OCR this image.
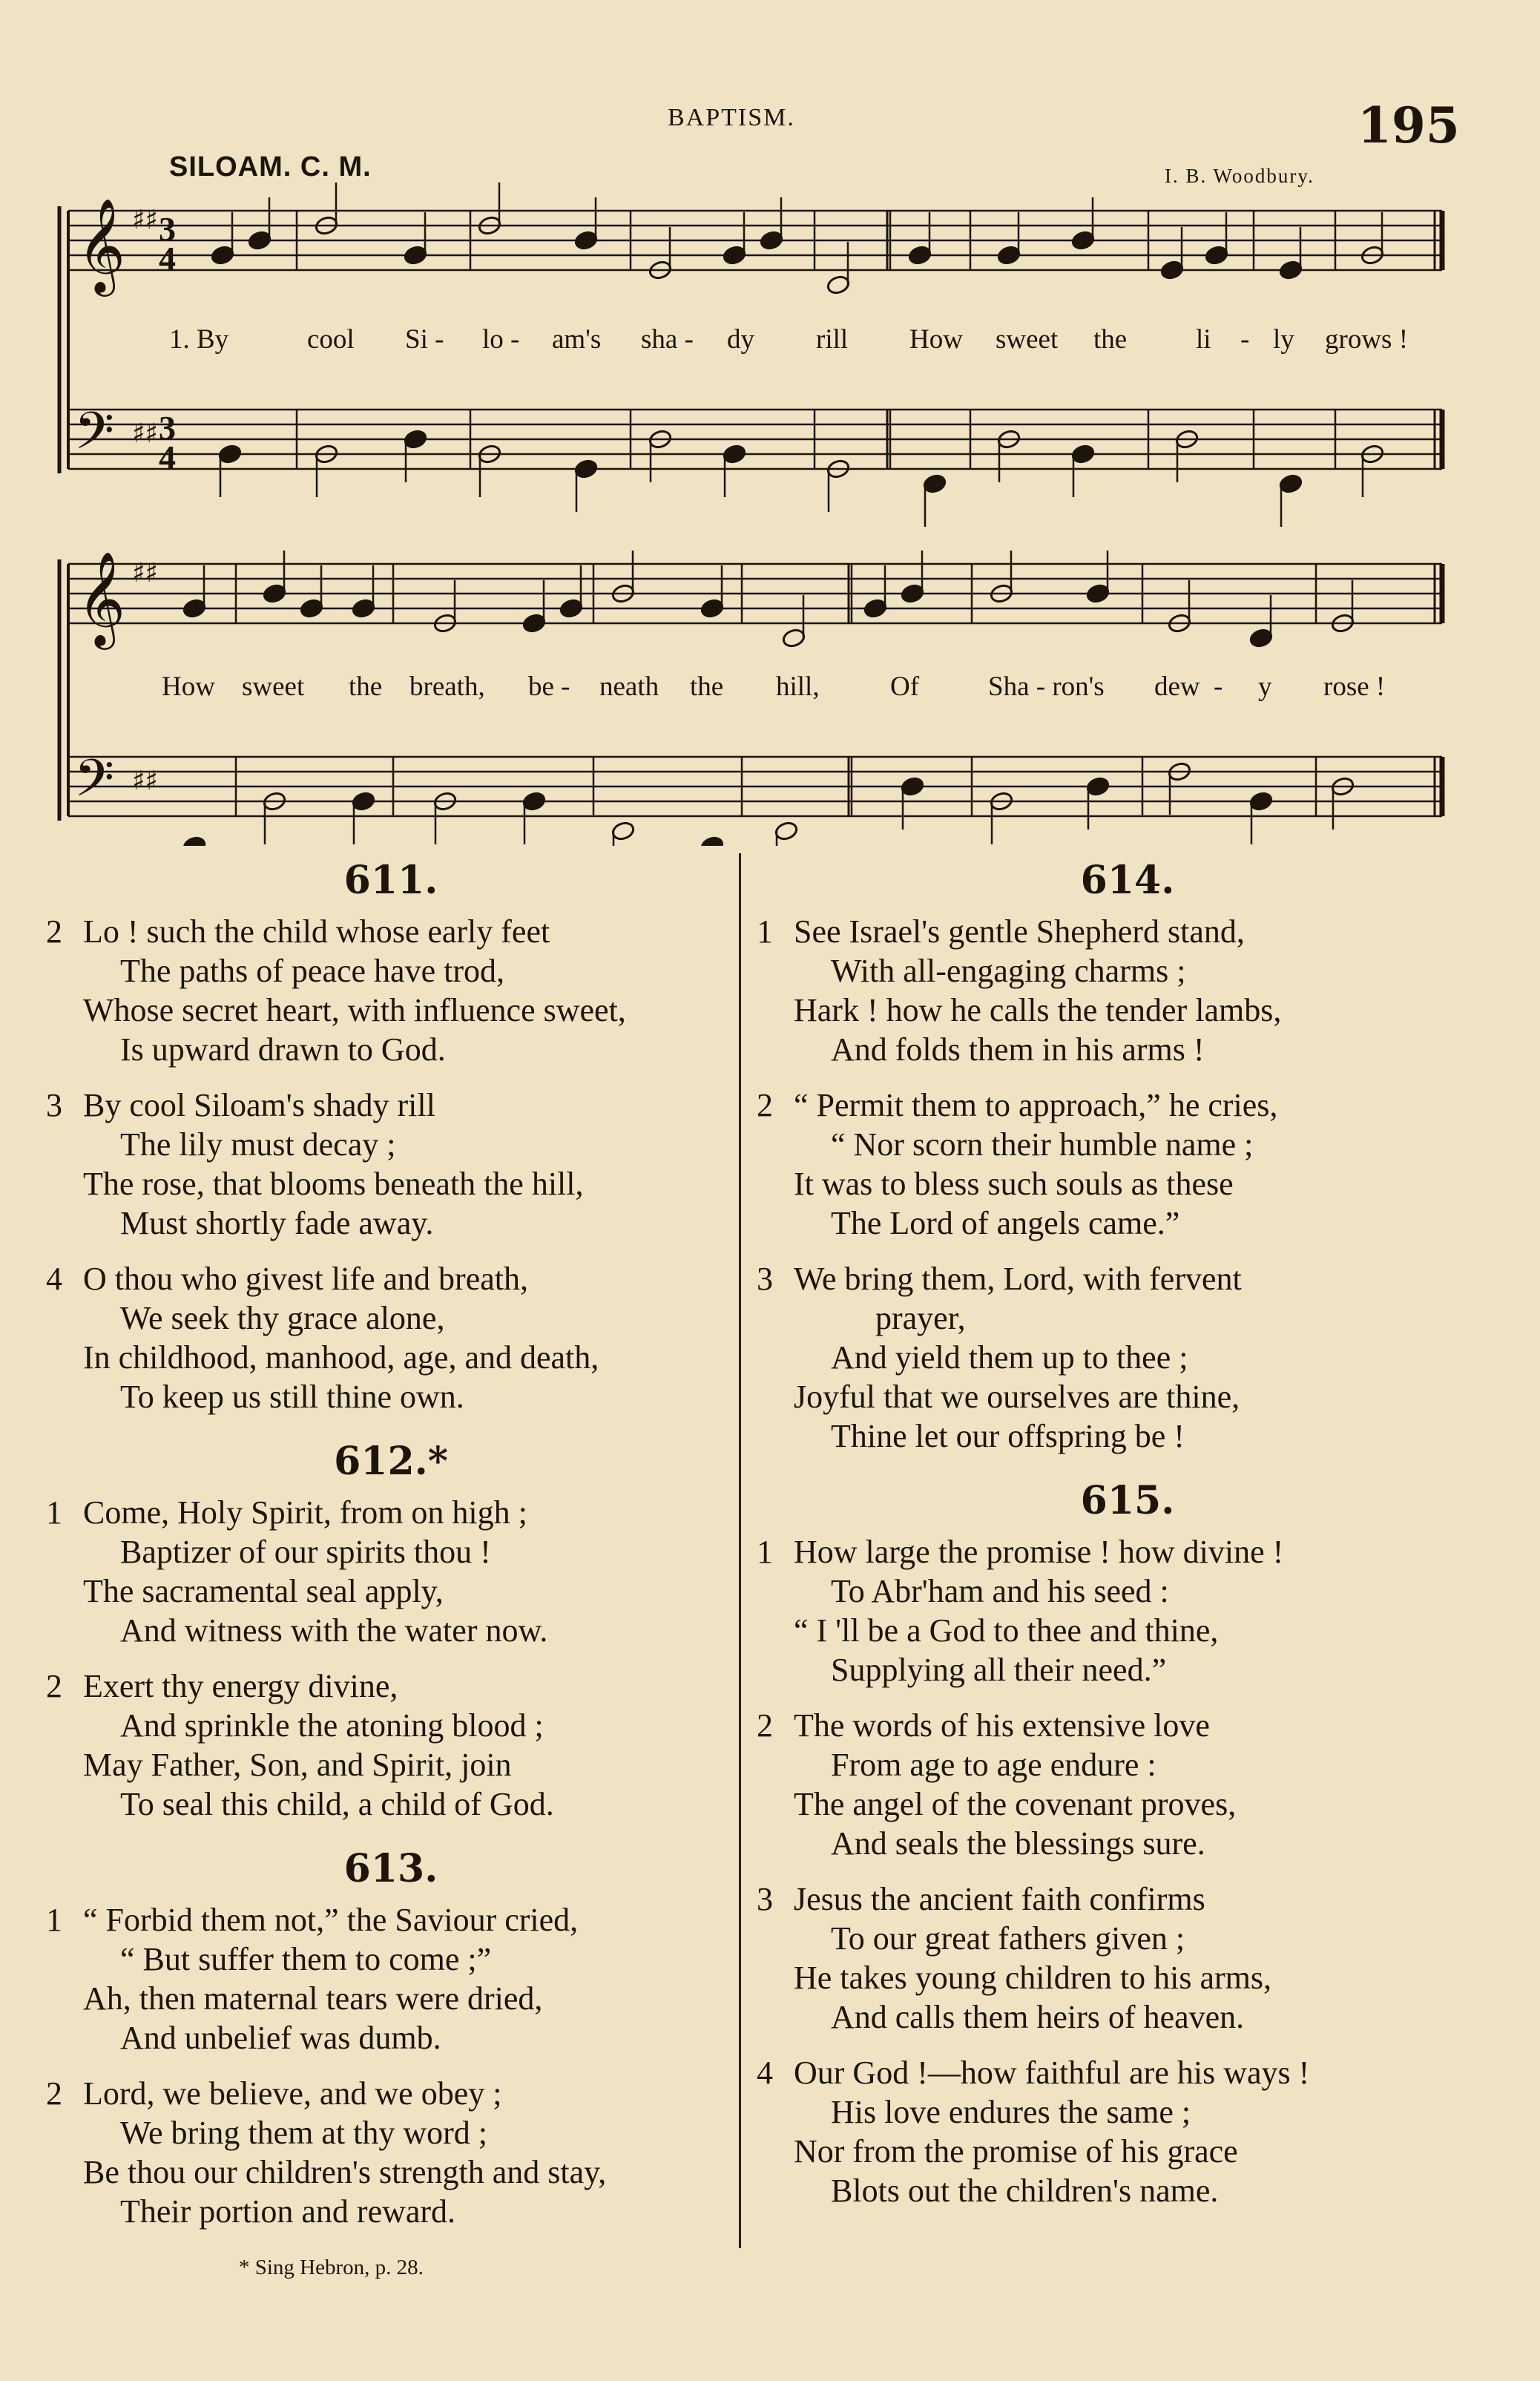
BAPTISM.	195
SILOAM. C. M.	I. B. Woodbury.
𝄞
𝄢
3
4
♯♯
3
4
♯♯
𝄞
𝄢
♯♯
♯♯
1. By	cool Si - lo - am's sha - dy rill How sweet the	li - ly grows !
How sweet the breath, be - neath the hill,	Of	Sha - ron's dew - y rose !
611.
2 Lo ! such the child whose early feet
The paths of peace have trod,
Whose secret heart, with influence sweet,
Is upward drawn to God.
3 By cool Siloam's shady rill
The lily must decay ;
The rose, that blooms beneath the hill,
Must shortly fade away.
4 O thou who givest life and breath,
We seek thy grace alone,
In childhood, manhood, age, and death,
To keep us still thine own.
612.*
1 Come, Holy Spirit, from on high ;
Baptizer of our spirits thou !
The sacramental seal apply,
And witness with the water now.
2 Exert thy energy divine,
And sprinkle the atoning blood ;
May Father, Son, and Spirit, join
To seal this child, a child of God.
613.
1 “ Forbid them not,” the Saviour cried,
“ But suffer them to come ;”
Ah, then maternal tears were dried,
And unbelief was dumb.
2 Lord, we believe, and we obey ;
We bring them at thy word ;
Be thou our children's strength and stay,
Their portion and reward.
614.
1 See Israel's gentle Shepherd stand,
With all-engaging charms ;
Hark ! how he calls the tender lambs,
And folds them in his arms !
2 “ Permit them to approach,” he cries,
“ Nor scorn their humble name ;
It was to bless such souls as these
The Lord of angels came.”
3 We bring them, Lord, with fervent
prayer,
And yield them up to thee ;
Joyful that we ourselves are thine,
Thine let our offspring be !
615.
1 How large the promise ! how divine !
To Abr'ham and his seed :
“ I 'll be a God to thee and thine,
Supplying all their need.”
2 The words of his extensive love
From age to age endure :
The angel of the covenant proves,
And seals the blessings sure.
3 Jesus the ancient faith confirms
To our great fathers given ;
He takes young children to his arms,
And calls them heirs of heaven.
4 Our God !—how faithful are his ways !
His love endures the same ;
Nor from the promise of his grace
Blots out the children's name.
* Sing Hebron, p. 28.
